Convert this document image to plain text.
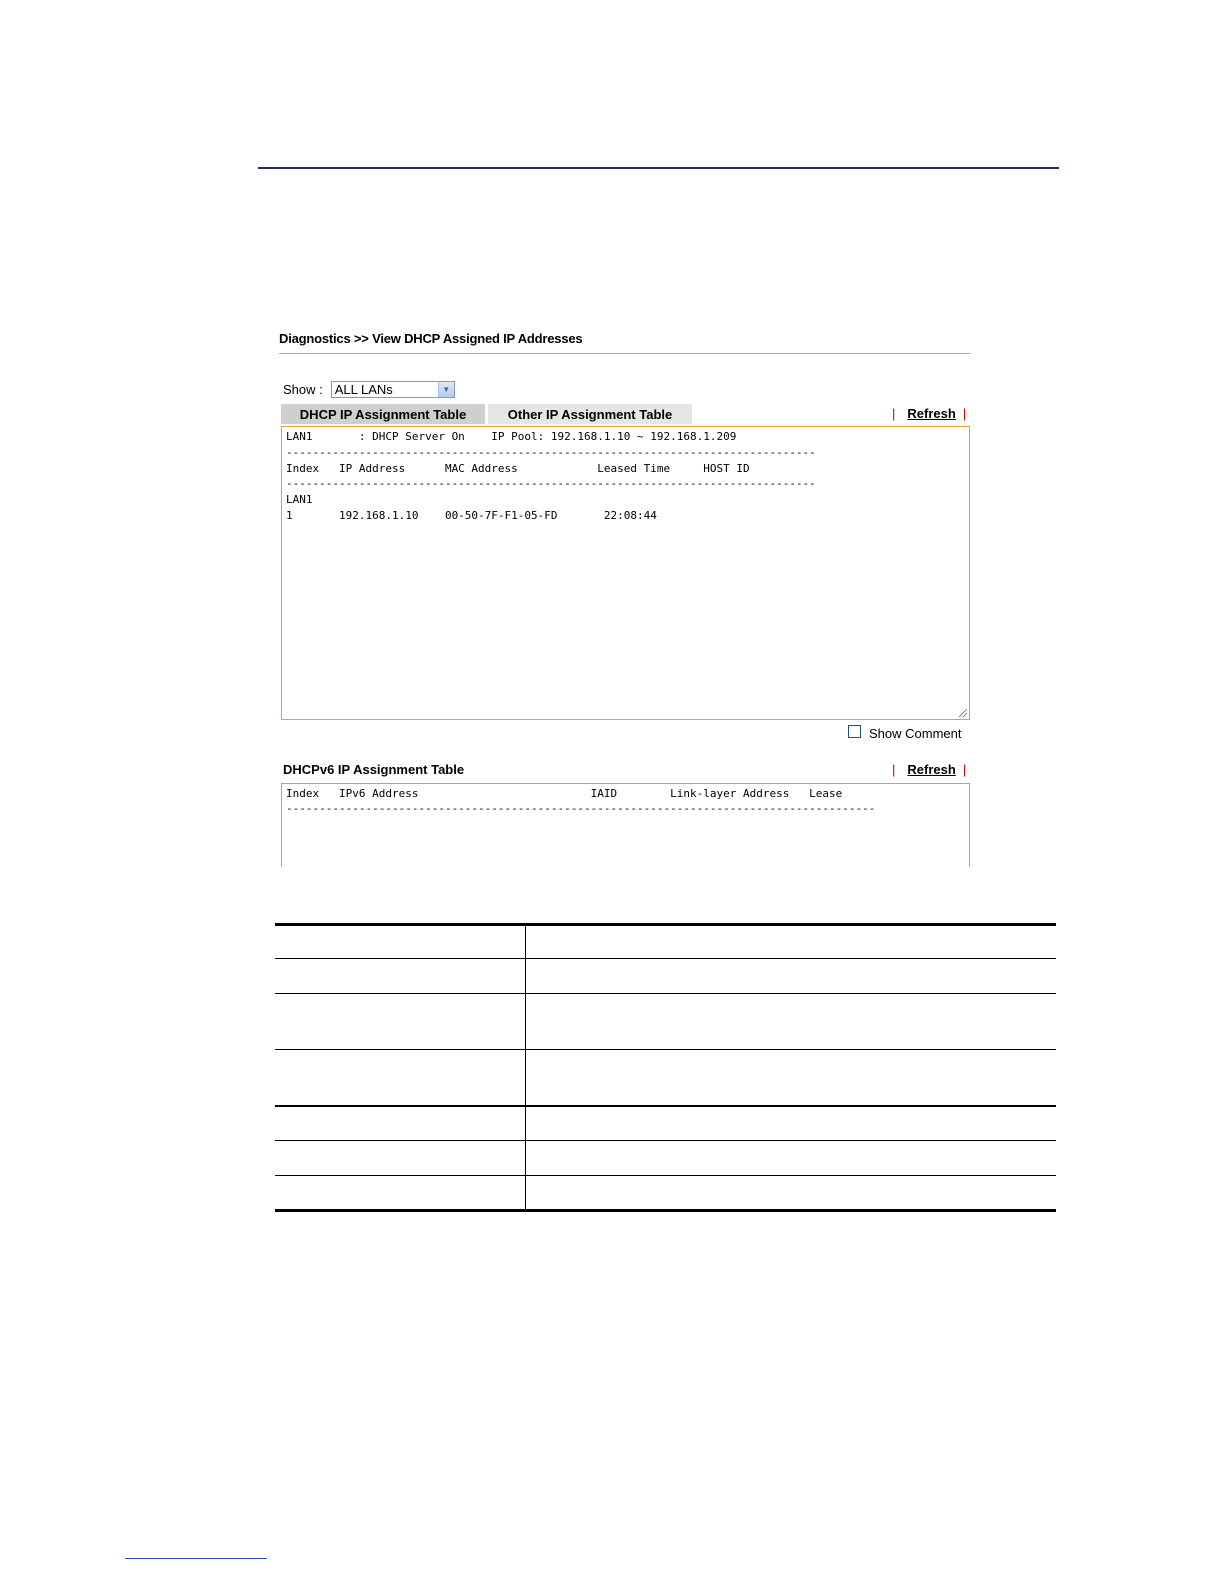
Diagnostics >> View DHCP Assigned IP Addresses
Show : ALL LANs	▼
DHCP IP Assignment Table	Other IP Assignment Table	| Refresh |
LAN1       : DHCP Server On    IP Pool: 192.168.1.10 ~ 192.168.1.209
--------------------------------------------------------------------------------
Index   IP Address      MAC Address            Leased Time     HOST ID
--------------------------------------------------------------------------------
LAN1
1       192.168.1.10    00-50-7F-F1-05-FD       22:08:44
Show Comment
DHCPv6 IP Assignment Table	| Refresh |
Index   IPv6 Address                          IAID        Link-layer Address   Lease
-----------------------------------------------------------------------------------------
